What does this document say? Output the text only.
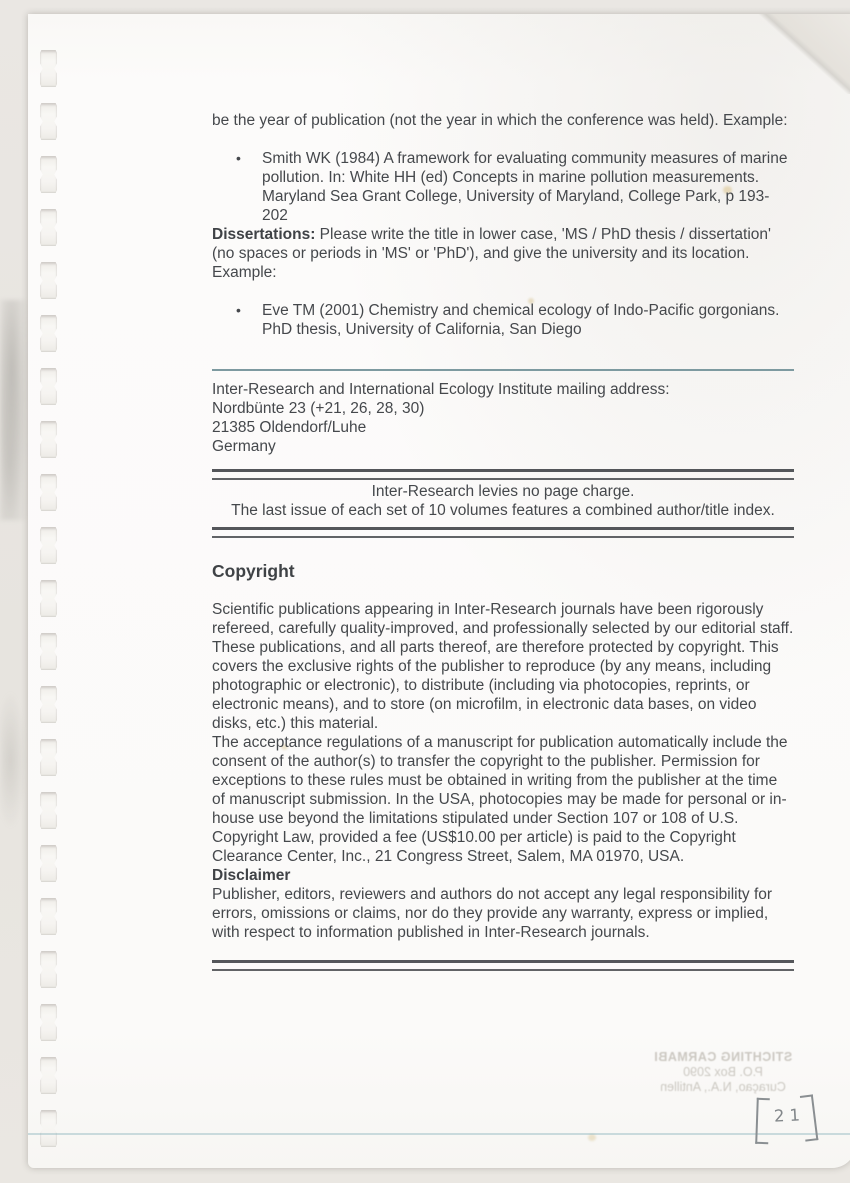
be the year of publication (not the year in which the conference was held). Example:

• Smith WK (1984) A framework for evaluating community measures of marine pollution. In: White HH (ed) Concepts in marine pollution measurements. Maryland Sea Grant College, University of Maryland, College Park, p 193-202

Dissertations: Please write the title in lower case, 'MS / PhD thesis / dissertation' (no spaces or periods in 'MS' or 'PhD'), and give the university and its location. Example:

• Eve TM (2001) Chemistry and chemical ecology of Indo-Pacific gorgonians. PhD thesis, University of California, San Diego
Inter-Research and International Ecology Institute mailing address:
Nordbünte 23 (+21, 26, 28, 30)
21385 Oldendorf/Luhe
Germany
Inter-Research levies no page charge.
The last issue of each set of 10 volumes features a combined author/title index.
Copyright

Scientific publications appearing in Inter-Research journals have been rigorously refereed, carefully quality-improved, and professionally selected by our editorial staff. These publications, and all parts thereof, are therefore protected by copyright. This covers the exclusive rights of the publisher to reproduce (by any means, including photographic or electronic), to distribute (including via photocopies, reprints, or electronic means), and to store (on microfilm, in electronic data bases, on video disks, etc.) this material.

The acceptance regulations of a manuscript for publication automatically include the consent of the author(s) to transfer the copyright to the publisher. Permission for exceptions to these rules must be obtained in writing from the publisher at the time of manuscript submission. In the USA, photocopies may be made for personal or in-house use beyond the limitations stipulated under Section 107 or 108 of U.S. Copyright Law, provided a fee (US$10.00 per article) is paid to the Copyright Clearance Center, Inc., 21 Congress Street, Salem, MA 01970, USA.

Disclaimer

Publisher, editors, reviewers and authors do not accept any legal responsibility for errors, omissions or claims, nor do they provide any warranty, express or implied, with respect to information published in Inter-Research journals.

STICHTING CARMABI
P.O. Box 2090
Curaçao, N.A., Antillen
21
